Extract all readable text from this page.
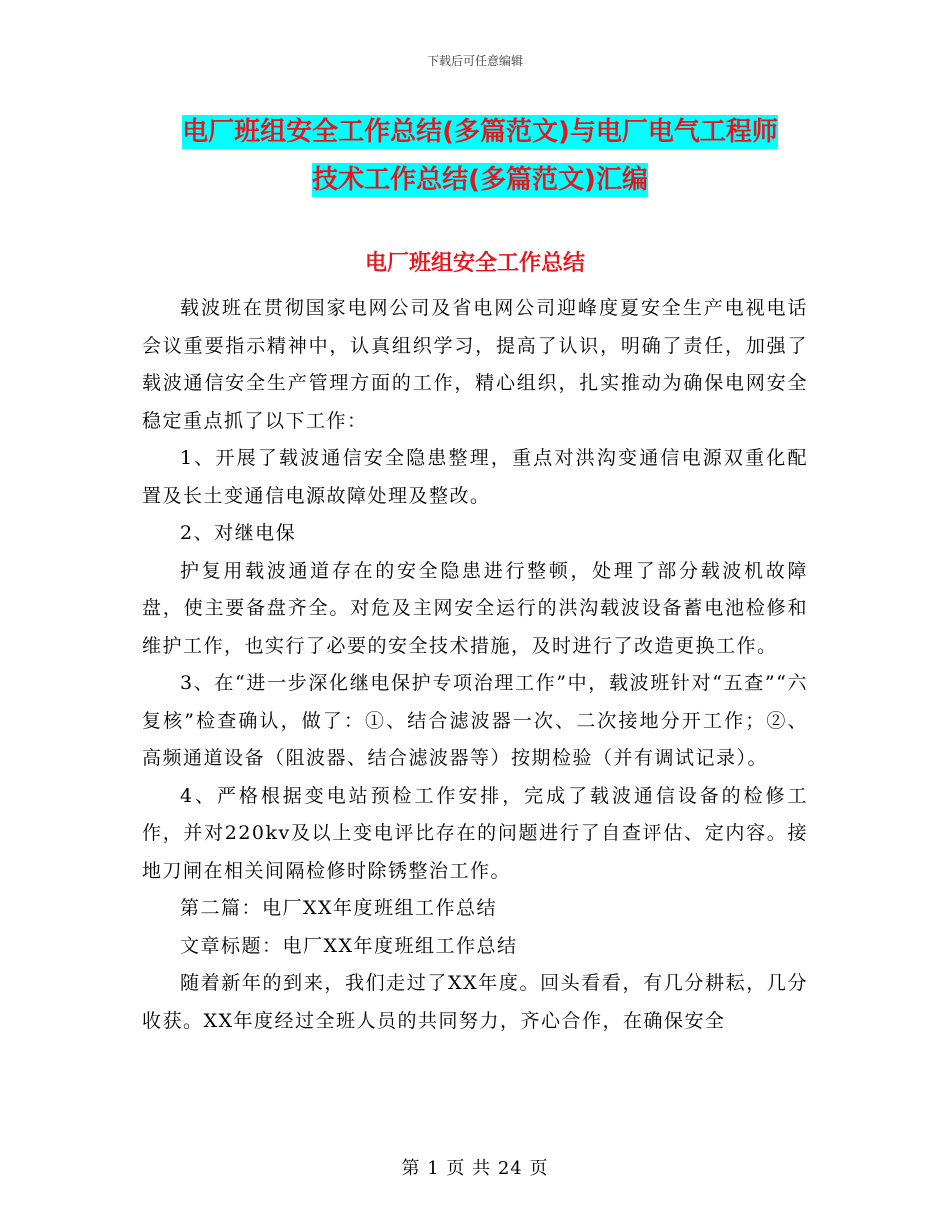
下载后可任意编辑
电厂班组安全工作总结(多篇范文)与电厂电气工程师
技术工作总结(多篇范文)汇编
电厂班组安全工作总结

载波班在贯彻国家电网公司及省电网公司迎峰度夏安全生产电视电话会议重要指示精神中，认真组织学习，提高了认识，明确了责任，加强了载波通信安全生产管理方面的工作，精心组织，扎实推动为确保电网安全稳定重点抓了以下工作：

1、开展了载波通信安全隐患整理，重点对洪沟变通信电源双重化配置及长土变通信电源故障处理及整改。

2、对继电保

护复用载波通道存在的安全隐患进行整顿，处理了部分载波机故障盘，使主要备盘齐全。对危及主网安全运行的洪沟载波设备蓄电池检修和维护工作，也实行了必要的安全技术措施，及时进行了改造更换工作。

3、在“进一步深化继电保护专项治理工作”中，载波班针对“五查”“六复核”检查确认，做了：①、结合滤波器一次、二次接地分开工作；②、高频通道设备（阻波器、结合滤波器等）按期检验（并有调试记录）。

4、严格根据变电站预检工作安排，完成了载波通信设备的检修工作，并对220kv及以上变电评比存在的问题进行了自查评估、定内容。接地刀闸在相关间隔检修时除锈整治工作。

第二篇：电厂XX年度班组工作总结

文章标题：电厂XX年度班组工作总结

随着新年的到来，我们走过了XX年度。回头看看，有几分耕耘，几分收获。XX年度经过全班人员的共同努力，齐心合作，在确保安全

第 1 页 共 24 页
